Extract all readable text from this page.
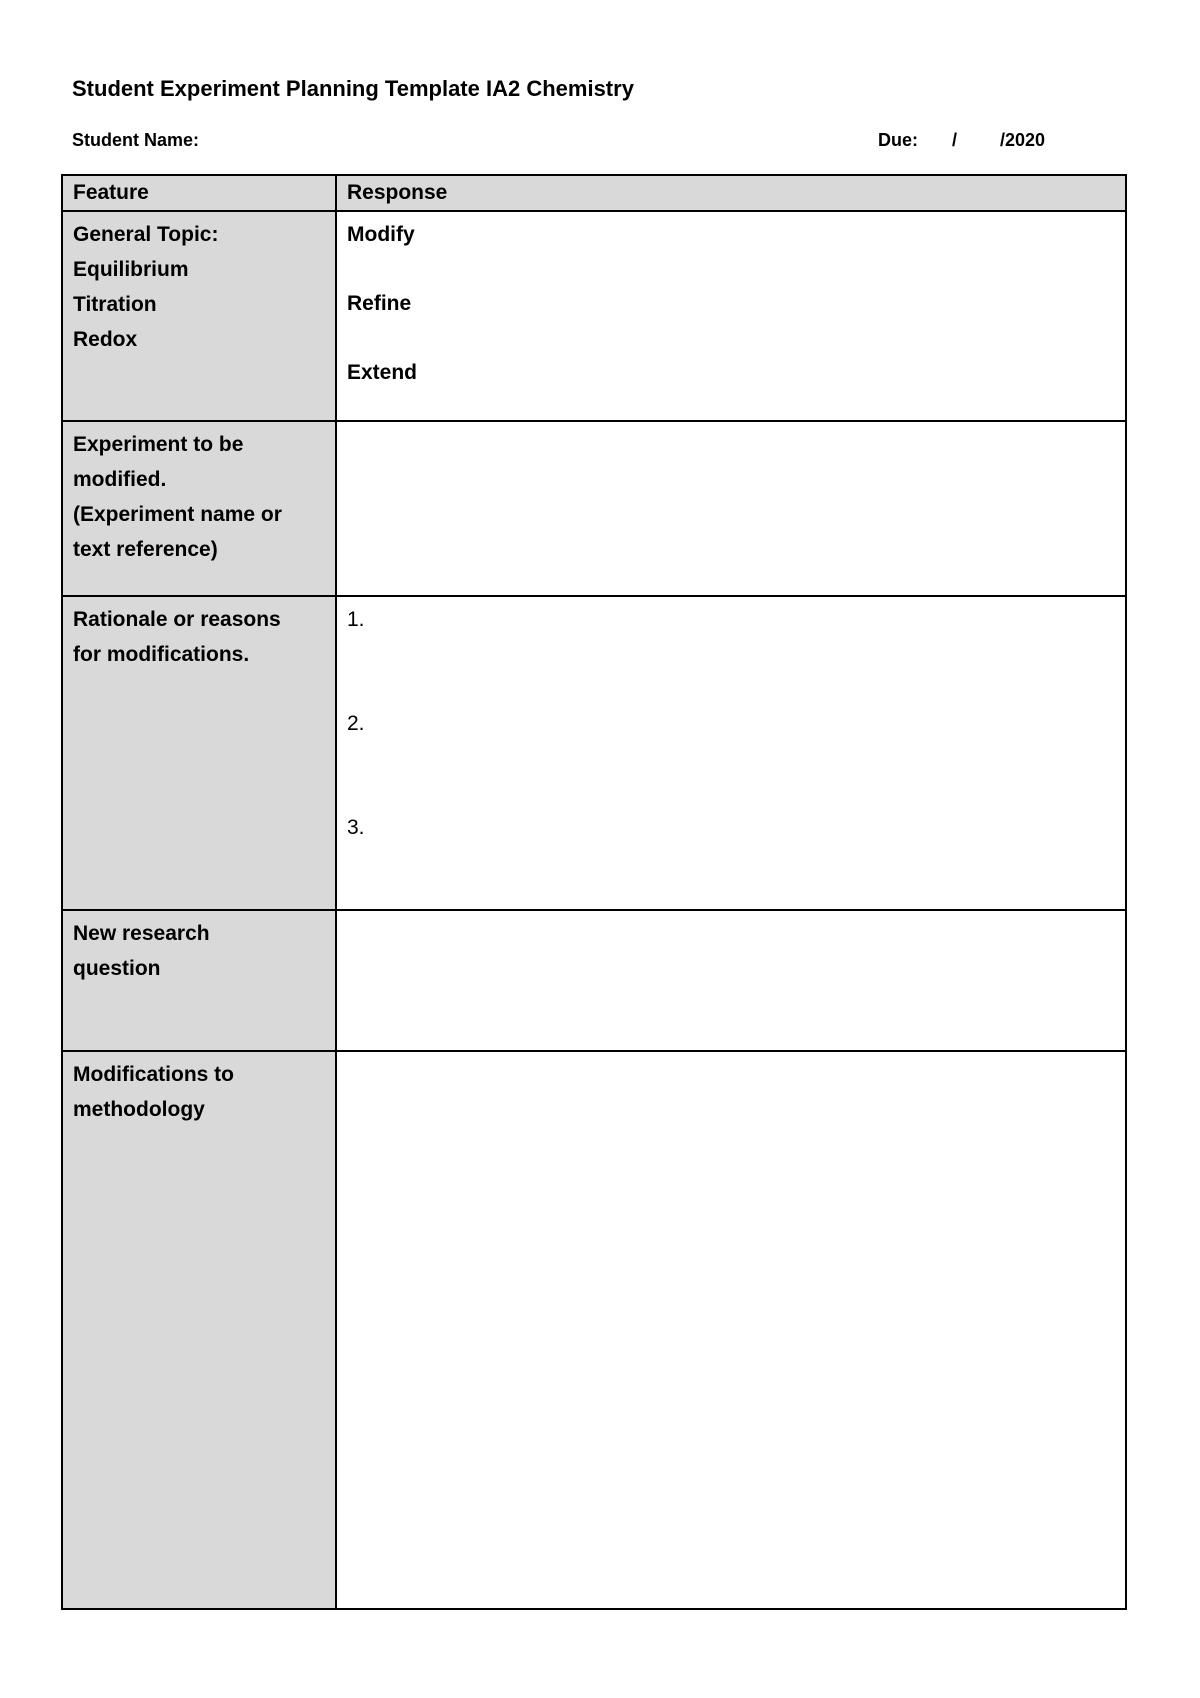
Student Experiment Planning Template IA2 Chemistry
Student Name:	Due: / /2020
Feature	Response

General Topic:
Equilibrium
Titration
Redox	Modify
Refine
Extend

Experiment to be
modified.
(Experiment name or
text reference)	

Rationale or reasons
for modifications.	1.
2.
3.

New research
question	

Modifications to
methodology	
